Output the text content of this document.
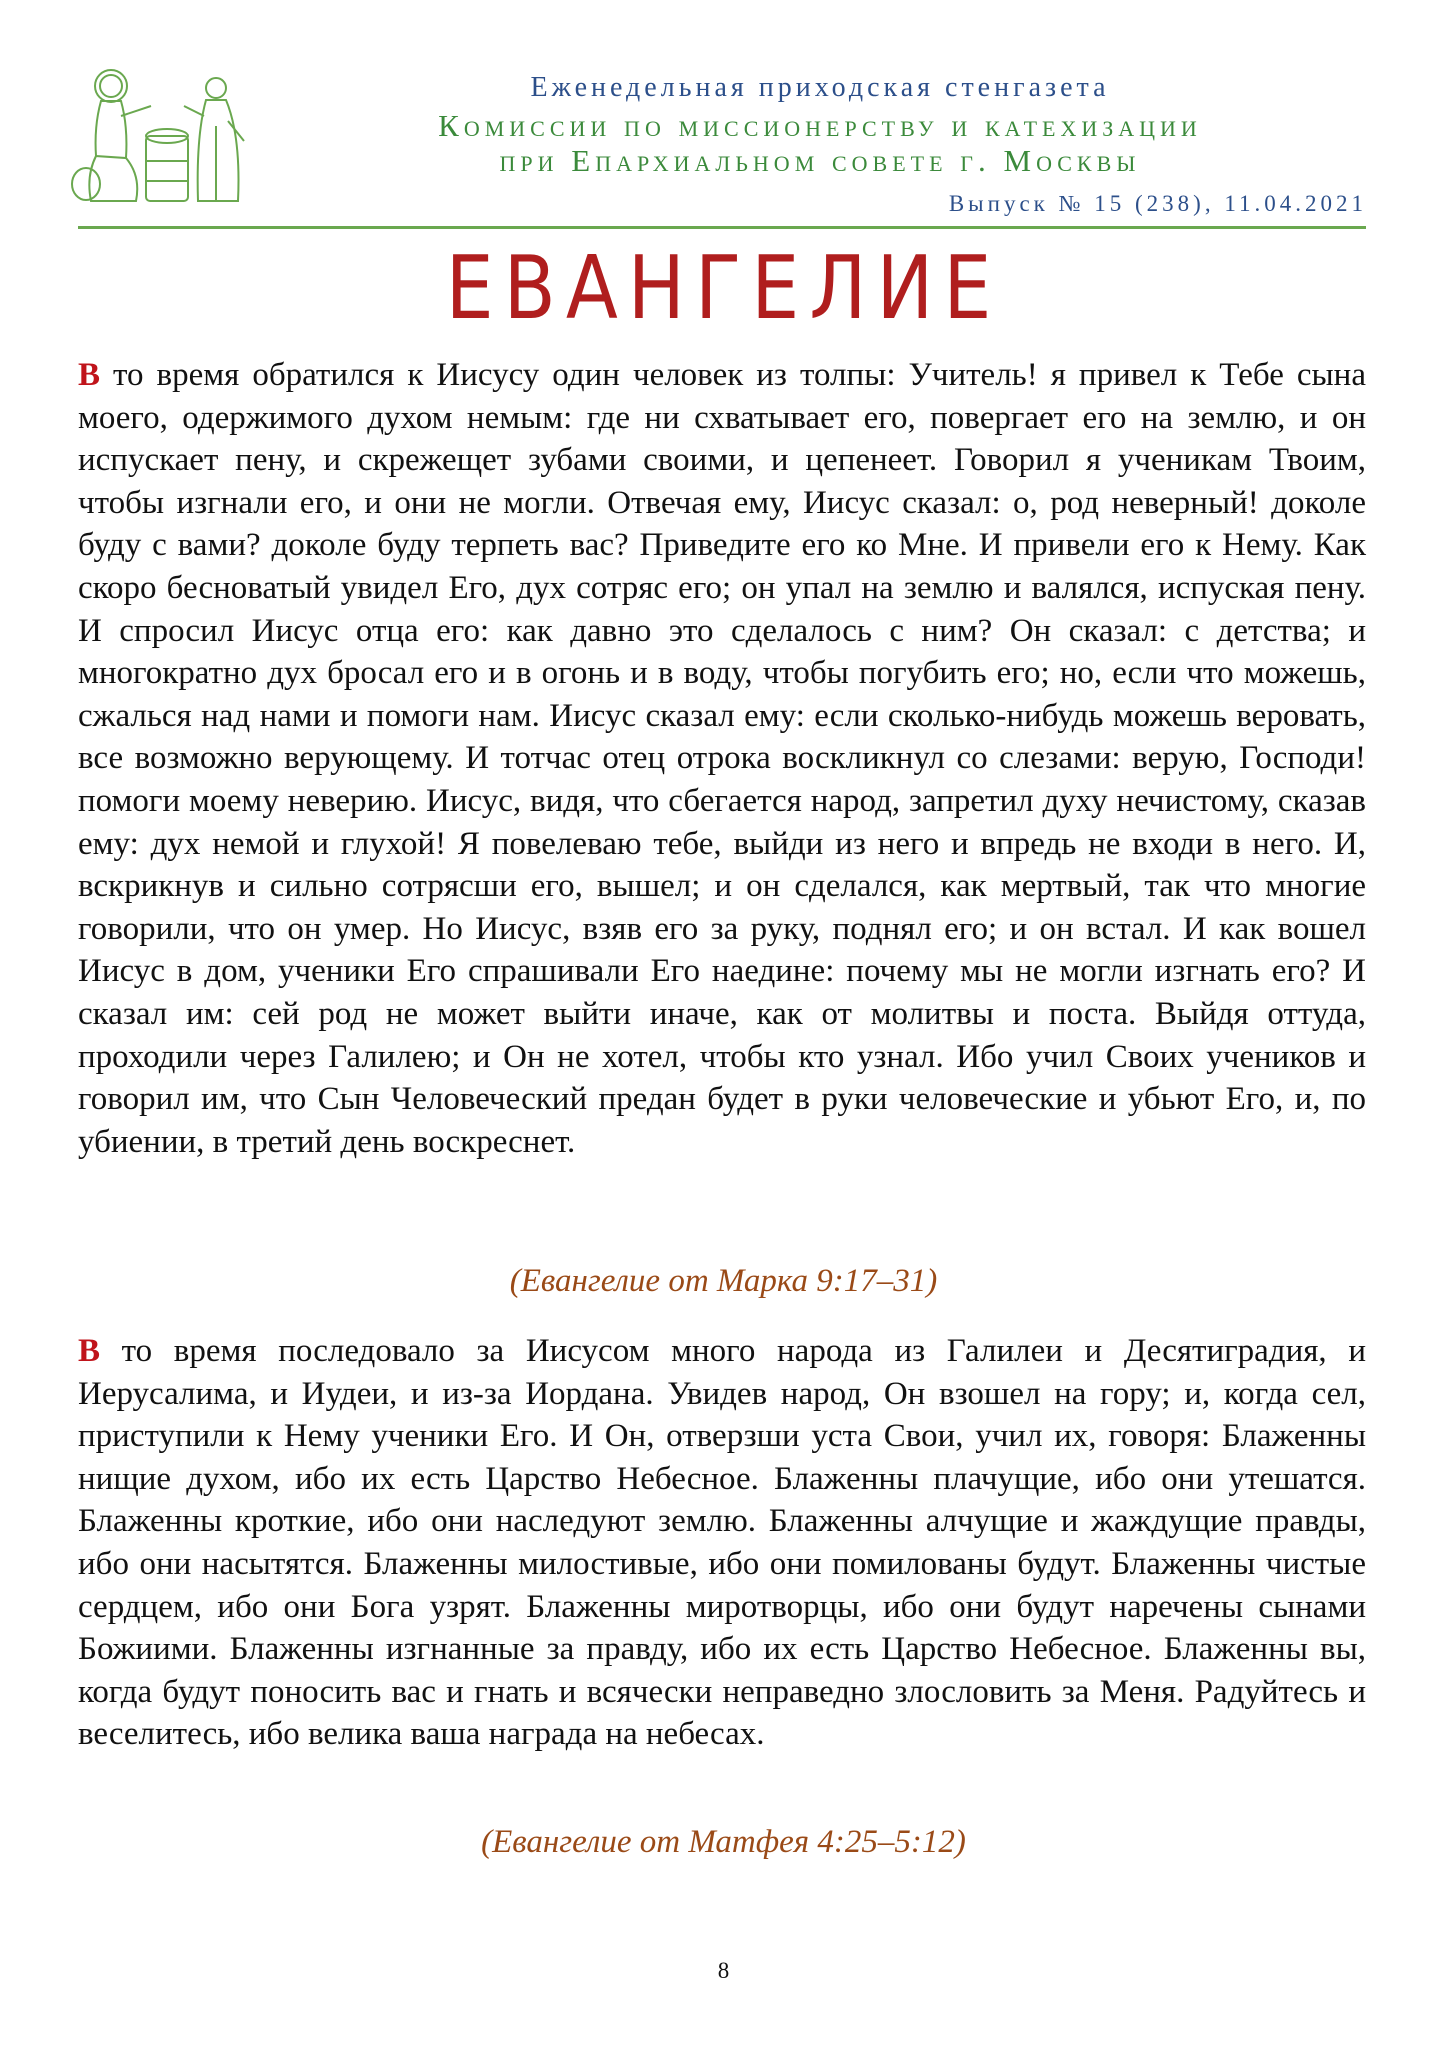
Еженедельная приходская стенгазета
Комиссии по миссионерству и катехизации
при Епархиальном совете г. Москвы
Выпуск № 15 (238), 11.04.2021
ЕВАНГЕЛИЕ

В то время обратился к Иисусу один человек из толпы: Учитель! я привел к Тебе сына моего, одержимого духом немым: где ни схватывает его, повергает его на землю, и он испускает пену, и скрежещет зубами своими, и цепенеет. Говорил я ученикам Твоим, чтобы изгнали его, и они не могли. Отвечая ему, Иисус сказал: о, род неверный! доколе буду с вами? доколе буду терпеть вас? Приведите его ко Мне. И привели его к Нему. Как скоро бесноватый увидел Его, дух сотряс его; он упал на землю и валялся, испуская пену. И спросил Иисус отца его: как давно это сделалось с ним? Он сказал: с детства; и многократно дух бросал его и в огонь и в воду, чтобы погубить его; но, если что можешь, сжалься над нами и помоги нам. Иисус сказал ему: если сколько-нибудь можешь веровать, все возможно верующему. И тотчас отец отрока воскликнул со слезами: верую, Господи! помоги моему неверию. Иисус, видя, что сбегается народ, запретил духу нечистому, сказав ему: дух немой и глухой! Я повелеваю тебе, выйди из него и впредь не входи в него. И, вскрикнув и сильно сотрясши его, вышел; и он сделался, как мертвый, так что многие говорили, что он умер. Но Иисус, взяв его за руку, поднял его; и он встал. И как вошел Иисус в дом, ученики Его спрашивали Его наедине: почему мы не могли изгнать его? И сказал им: сей род не может выйти иначе, как от молитвы и поста. Выйдя оттуда, проходили через Галилею; и Он не хотел, чтобы кто узнал. Ибо учил Своих учеников и говорил им, что Сын Человеческий предан будет в руки человеческие и убьют Его, и, по убиении, в третий день воскреснет.

(Евангелие от Марка 9:17–31)

В то время последовало за Иисусом много народа из Галилеи и Десятиградия, и Иерусалима, и Иудеи, и из-за Иордана. Увидев народ, Он взошел на гору; и, когда сел, приступили к Нему ученики Его. И Он, отверзши уста Свои, учил их, говоря: Блаженны нищие духом, ибо их есть Царство Небесное. Блаженны плачущие, ибо они утешатся. Блаженны кроткие, ибо они наследуют землю. Блаженны алчущие и жаждущие правды, ибо они насытятся. Блаженны милостивые, ибо они помилованы будут. Блаженны чистые сердцем, ибо они Бога узрят. Блаженны миротворцы, ибо они будут наречены сынами Божиими. Блаженны изгнанные за правду, ибо их есть Царство Небесное. Блаженны вы, когда будут поносить вас и гнать и всячески неправедно злословить за Меня. Радуйтесь и веселитесь, ибо велика ваша награда на небесах.

(Евангелие от Матфея 4:25–5:12)
8
